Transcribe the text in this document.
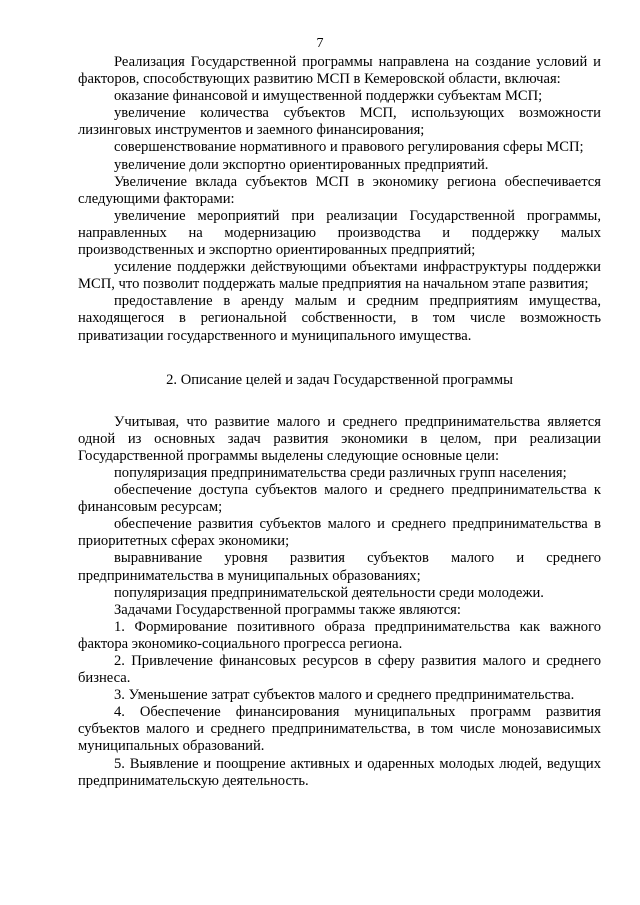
7

Реализация Государственной программы направлена на создание условий и факторов, способствующих развитию МСП в Кемеровской области, включая:

оказание финансовой и имущественной поддержки субъектам МСП;

увеличение количества субъектов МСП, использующих возможности лизинговых инструментов и заемного финансирования;

совершенствование нормативного и правового регулирования сферы МСП;

увеличение доли экспортно ориентированных предприятий.

Увеличение вклада субъектов МСП в экономику региона обеспечивается следующими факторами:

увеличение мероприятий при реализации Государственной программы, направленных на модернизацию производства и поддержку малых производственных и экспортно ориентированных предприятий;

усиление поддержки действующими объектами инфраструктуры поддержки МСП, что позволит поддержать малые предприятия на начальном этапе развития;

предоставление в аренду малым и средним предприятиям имущества, находящегося в региональной собственности, в том числе возможность приватизации государственного и муниципального имущества.

2. Описание целей и задач Государственной программы

Учитывая, что развитие малого и среднего предпринимательства является одной из основных задач развития экономики в целом, при реализации Государственной программы выделены следующие основные цели:

популяризация предпринимательства среди различных групп населения;

обеспечение доступа субъектов малого и среднего предпринимательства к финансовым ресурсам;

обеспечение развития субъектов малого и среднего предпринимательства в приоритетных сферах экономики;

выравнивание уровня развития субъектов малого и среднего предпринимательства в муниципальных образованиях;

популяризация предпринимательской деятельности среди молодежи.

Задачами Государственной программы также являются:

1. Формирование позитивного образа предпринимательства как важного фактора экономико-социального прогресса региона.

2. Привлечение финансовых ресурсов в сферу развития малого и среднего бизнеса.

3. Уменьшение затрат субъектов малого и среднего предпринимательства.

4. Обеспечение финансирования муниципальных программ развития субъектов малого и среднего предпринимательства, в том числе монозависимых муниципальных образований.

5. Выявление и поощрение активных и одаренных молодых людей, ведущих предпринимательскую деятельность.
